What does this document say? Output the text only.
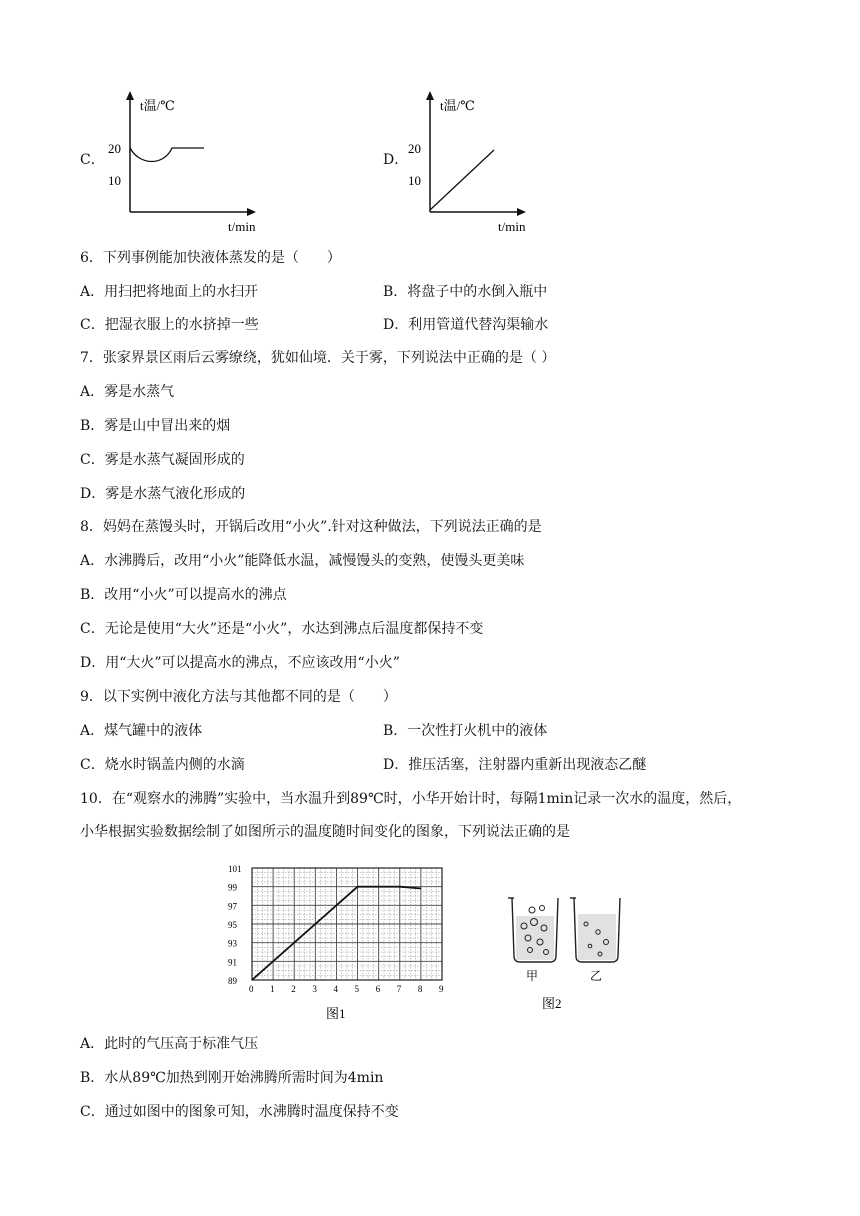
C．
t温/℃
t/min
20
10
D．
t温/℃
t/min
20
10
6．下列事例能加快液体蒸发的是（　　）
A．用扫把将地面上的水扫开	B．将盘子中的水倒入瓶中
C．把湿衣服上的水挤掉一些	D．利用管道代替沟渠输水
7．张家界景区雨后云雾缭绕，犹如仙境．关于雾，下列说法中正确的是（ ）
A．雾是水蒸气
B．雾是山中冒出来的烟
C．雾是水蒸气凝固形成的
D．雾是水蒸气液化形成的
8．妈妈在蒸馒头时，开锅后改用“小火”.针对这种做法，下列说法正确的是
A．水沸腾后，改用“小火”能降低水温，减慢馒头的变熟，使馒头更美味
B．改用“小火”可以提高水的沸点
C．无论是使用“大火”还是“小火”，水达到沸点后温度都保持不变
D．用“大火”可以提高水的沸点，不应该改用“小火”
9．以下实例中液化方法与其他都不同的是（　　）
A．煤气罐中的液体	B．一次性打火机中的液体
C．烧水时锅盖内侧的水滴	D．推压活塞，注射器内重新出现液态乙醚
10．在“观察水的沸腾”实验中，当水温升到89℃时，小华开始计时，每隔1min记录一次水的温度，然后，
小华根据实验数据绘制了如图所示的温度随时间变化的图象，下列说法正确的是
101
99
97
95
93
91
89
0 1 2 3 4 5 6 7 8 9
图1
甲	乙
图2
A．此时的气压高于标准气压
B．水从89℃加热到刚开始沸腾所需时间为4min
C．通过如图中的图象可知，水沸腾时温度保持不变
